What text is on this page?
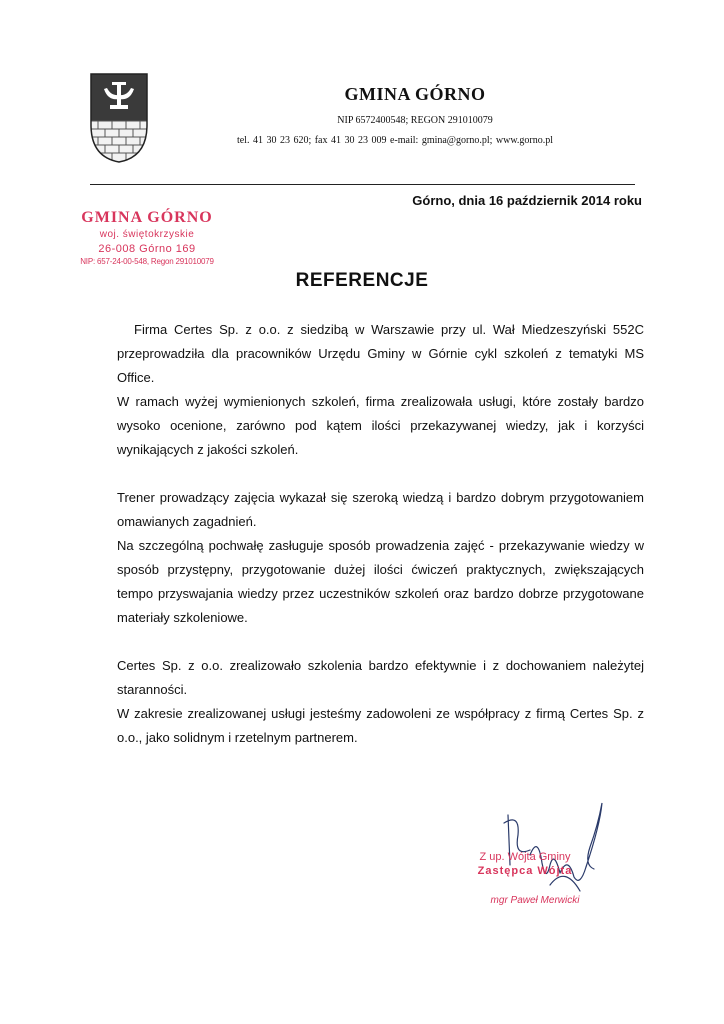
GMINA GÓRNO
NIP 6572400548; REGON 291010079
tel. 41 30 23 620; fax 41 30 23 009 e-mail: gmina@gorno.pl; www.gorno.pl
Górno, dnia 16 październik 2014 roku
GMINA GÓRNO
woj. świętokrzyskie
26-008 Górno 169
NIP: 657-24-00-548, Regon 291010079
REFERENCJE

Firma Certes Sp. z o.o. z siedzibą w Warszawie przy ul. Wał Miedzeszyński 552C przeprowadziła dla pracowników Urzędu Gminy w Górnie cykl szkoleń z tematyki MS Office.

W ramach wyżej wymienionych szkoleń, firma zrealizowała usługi, które zostały bardzo wysoko ocenione, zarówno pod kątem ilości przekazywanej wiedzy, jak i korzyści wynikających z jakości szkoleń.

Trener prowadzący zajęcia wykazał się szeroką wiedzą i bardzo dobrym przygotowaniem omawianych zagadnień.

Na szczególną pochwałę zasługuje sposób prowadzenia zajęć - przekazywanie wiedzy w sposób przystępny, przygotowanie dużej ilości ćwiczeń praktycznych, zwiększających tempo przyswajania wiedzy przez uczestników szkoleń oraz bardzo dobrze przygotowane materiały szkoleniowe.

Certes Sp. z o.o. zrealizowało szkolenia bardzo efektywnie i z dochowaniem należytej staranności.

W zakresie zrealizowanej usługi jesteśmy zadowoleni ze współpracy z firmą Certes Sp. z o.o., jako solidnym i rzetelnym partnerem.

Z up. Wójta Gminy
Zastępca Wójta
mgr Paweł Merwicki
